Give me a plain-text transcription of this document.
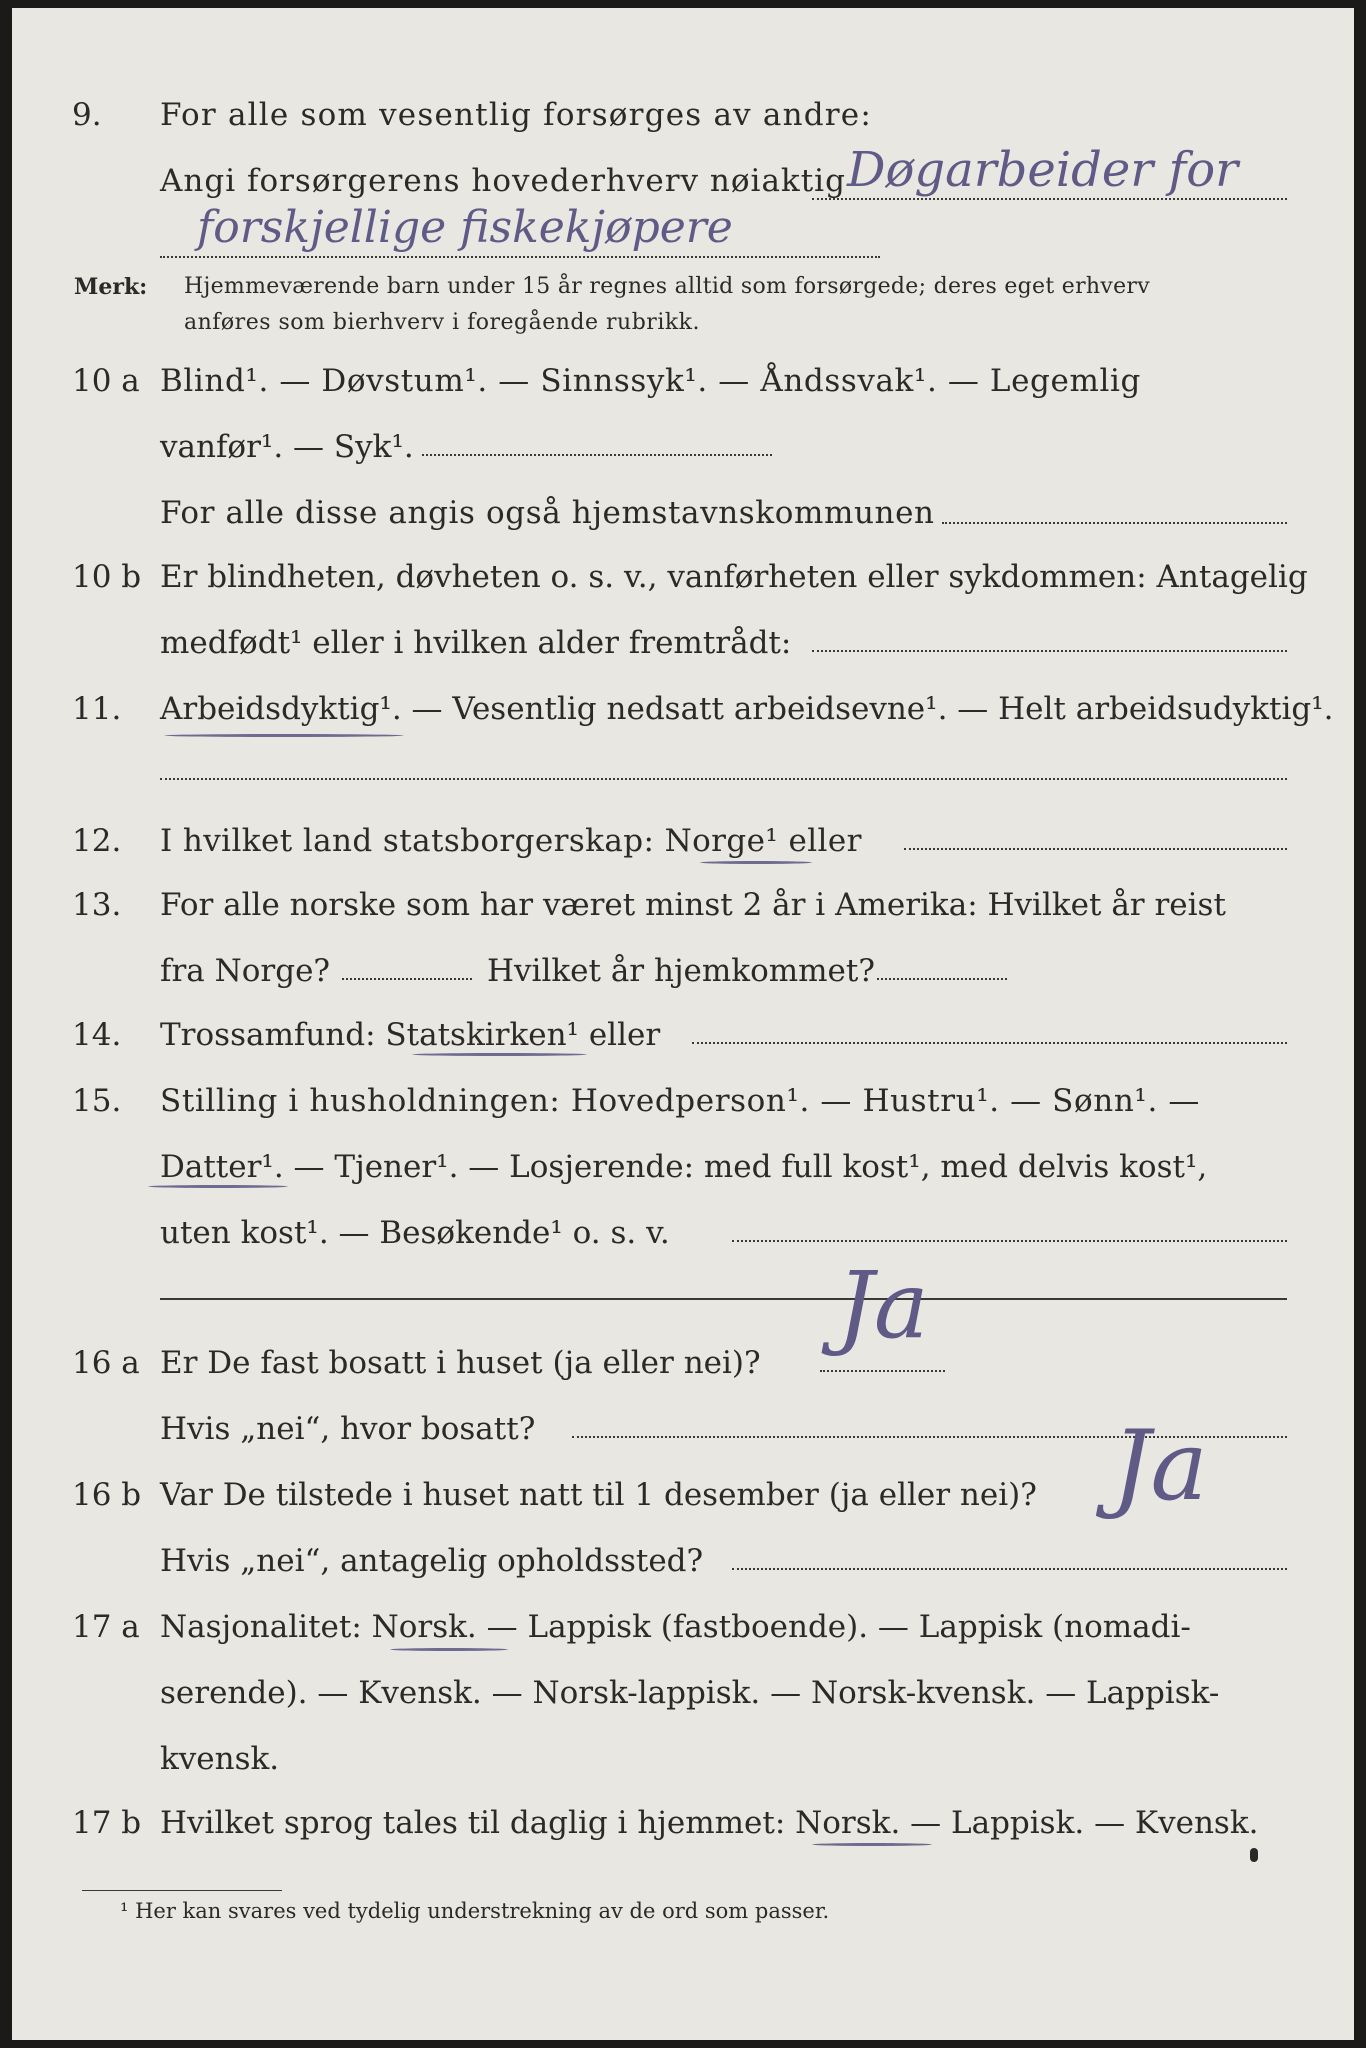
9. For alle som vesentlig forsørges av andre:
Angi forsørgerens hovederhverv nøiaktig Døgarbeider for
forskjellige fiskekjøpere
Merk: Hjemmeværende barn under 15 år regnes alltid som forsørgede; deres eget erhverv
anføres som bierhverv i foregående rubrikk.
10 a Blind¹. — Døvstum¹. — Sinnssyk¹. — Åndssvak¹. — Legemlig
vanfør¹. — Syk¹.
For alle disse angis også hjemstavnskommunen
10 b Er blindheten, døvheten o. s. v., vanførheten eller sykdommen: Antagelig
medfødt¹ eller i hvilken alder fremtrådt:
11. Arbeidsdyktig¹. — Vesentlig nedsatt arbeidsevne¹. — Helt arbeidsudyktig¹.
12. I hvilket land statsborgerskap: Norge¹ eller
13. For alle norske som har været minst 2 år i Amerika: Hvilket år reist
fra Norge?	Hvilket år hjemkommet?
14. Trossamfund: Statskirken¹ eller
15. Stilling i husholdningen: Hovedperson¹. — Hustru¹. — Sønn¹. —
Datter¹. — Tjener¹. — Losjerende: med full kost¹, med delvis kost¹,
uten kost¹. — Besøkende¹ o. s. v.
16 a Er De fast bosatt i huset (ja eller nei)?
Ja
Hvis „nei“, hvor bosatt?
16 b Var De tilstede i huset natt til 1 desember (ja eller nei)? Ja
Hvis „nei“, antagelig opholdssted?
17 a Nasjonalitet: Norsk. — Lappisk (fastboende). — Lappisk (nomadi-
serende). — Kvensk. — Norsk-lappisk. — Norsk-kvensk. — Lappisk-
kvensk.
17 b Hvilket sprog tales til daglig i hjemmet: Norsk. — Lappisk. — Kvensk.
¹ Her kan svares ved tydelig understrekning av de ord som passer.
